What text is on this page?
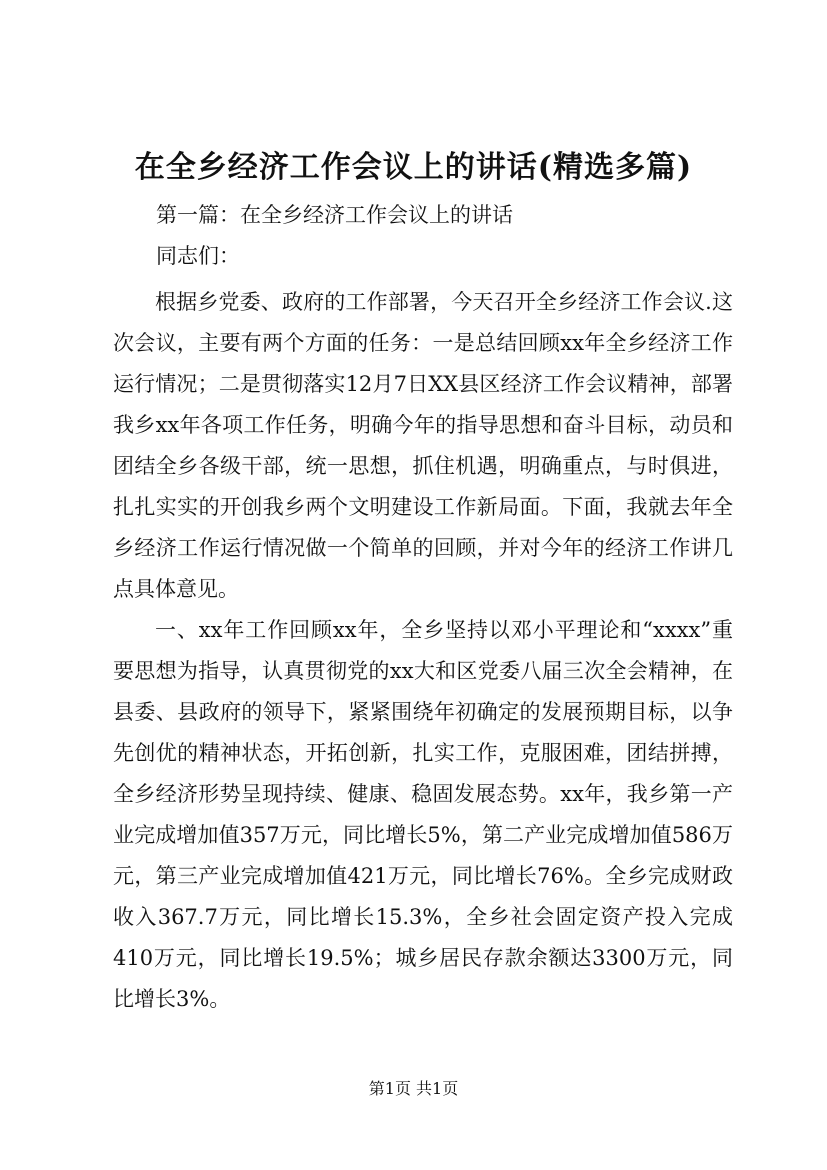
在全乡经济工作会议上的讲话(精选多篇)
第一篇：在全乡经济工作会议上的讲话
同志们：

根据乡党委、政府的工作部署，今天召开全乡经济工作会议.这次会议，主要有两个方面的任务：一是总结回顾xx年全乡经济工作运行情况；二是贯彻落实12月7日XX县区经济工作会议精神，部署我乡xx年各项工作任务，明确今年的指导思想和奋斗目标，动员和团结全乡各级干部，统一思想，抓住机遇，明确重点，与时俱进，扎扎实实的开创我乡两个文明建设工作新局面。下面，我就去年全乡经济工作运行情况做一个简单的回顾，并对今年的经济工作讲几点具体意见。

一、xx年工作回顾xx年，全乡坚持以邓小平理论和“xxxx”重要思想为指导，认真贯彻党的xx大和区党委八届三次全会精神，在县委、县政府的领导下，紧紧围绕年初确定的发展预期目标，以争先创优的精神状态，开拓创新，扎实工作，克服困难，团结拼搏，全乡经济形势呈现持续、健康、稳固发展态势。xx年，我乡第一产业完成增加值357万元，同比增长5%，第二产业完成增加值586万元，第三产业完成增加值421万元，同比增长76%。全乡完成财政收入367.7万元，同比增长15.3%，全乡社会固定资产投入完成410万元，同比增长19.5%；城乡居民存款余额达3300万元，同比增长3%。

第1页 共1页
